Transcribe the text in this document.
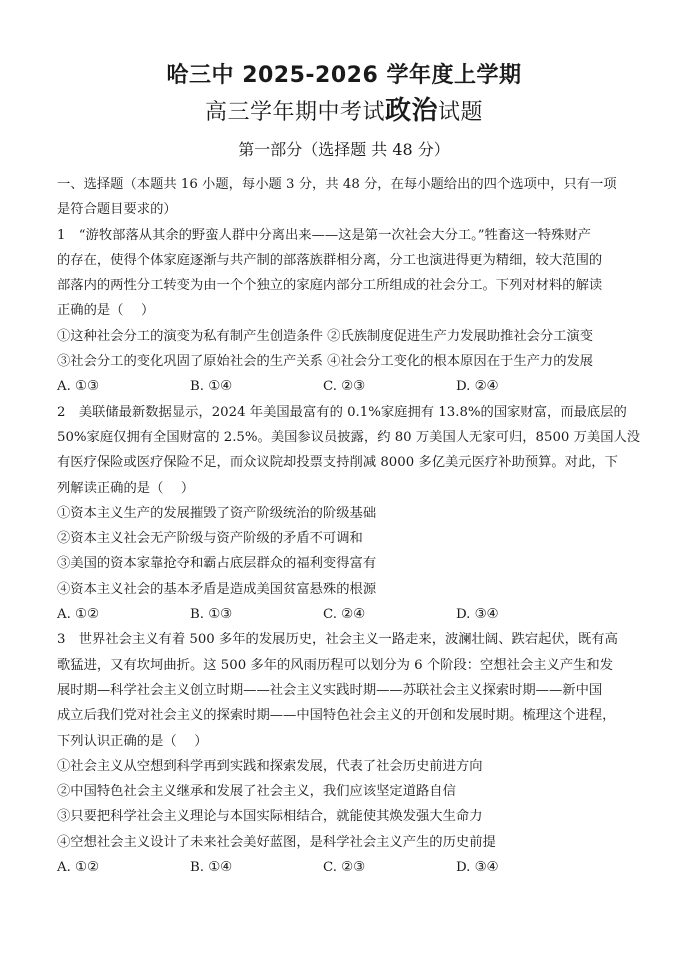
哈三中 2025-2026 学年度上学期
高三学年期中考试政治试题
第一部分（选择题 共 48 分）

一、选择题（本题共 16 小题，每小题 3 分，共 48 分，在每小题给出的四个选项中，只有一项

是符合题目要求的）

1　“游牧部落从其余的野蛮人群中分离出来——这是第一次社会大分工。”牲畜这一特殊财产

的存在，使得个体家庭逐渐与共产制的部落族群相分离，分工也演进得更为精细，较大范围的

部落内的两性分工转变为由一个个独立的家庭内部分工所组成的社会分工。下列对材料的解读

正确的是（　 ）

①这种社会分工的演变为私有制产生创造条件 ②氏族制度促进生产力发展助推社会分工演变

③社会分工的变化巩固了原始社会的生产关系 ④社会分工变化的根本原因在于生产力的发展

A. ①③	B. ①④	C. ②③	D. ②④

2　美联储最新数据显示，2024 年美国最富有的 0.1%家庭拥有 13.8%的国家财富，而最底层的

50%家庭仅拥有全国财富的 2.5%。美国参议员披露，约 80 万美国人无家可归，8500 万美国人没

有医疗保险或医疗保险不足，而众议院却投票支持削减 8000 多亿美元医疗补助预算。对此，下

列解读正确的是（　 ）

①资本主义生产的发展摧毁了资产阶级统治的阶级基础

②资本主义社会无产阶级与资产阶级的矛盾不可调和

③美国的资本家靠抢夺和霸占底层群众的福利变得富有

④资本主义社会的基本矛盾是造成美国贫富悬殊的根源

A. ①②	B. ①③	C. ②④	D. ③④

3　世界社会主义有着 500 多年的发展历史，社会主义一路走来，波澜壮阔、跌宕起伏，既有高

歌猛进，又有坎坷曲折。这 500 多年的风雨历程可以划分为 6 个阶段：空想社会主义产生和发

展时期—科学社会主义创立时期——社会主义实践时期——苏联社会主义探索时期——新中国

成立后我们党对社会主义的探索时期——中国特色社会主义的开创和发展时期。梳理这个进程，

下列认识正确的是（　 ）

①社会主义从空想到科学再到实践和探索发展，代表了社会历史前进方向

②中国特色社会主义继承和发展了社会主义，我们应该坚定道路自信

③只要把科学社会主义理论与本国实际相结合，就能使其焕发强大生命力

④空想社会主义设计了未来社会美好蓝图，是科学社会主义产生的历史前提

A. ①②	B. ①④	C. ②③	D. ③④
